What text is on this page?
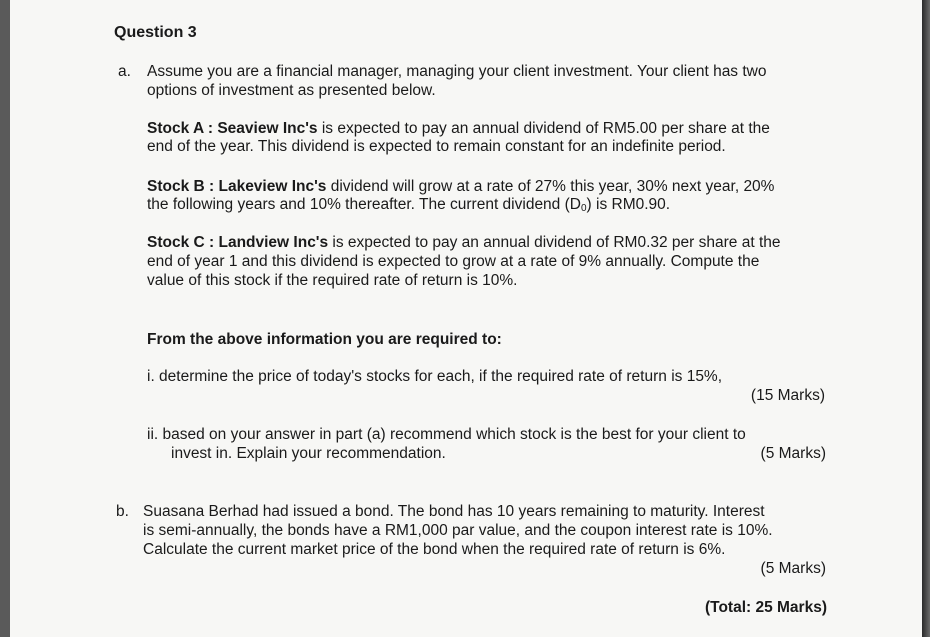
Question 3
a. Assume you are a financial manager, managing your client investment. Your client has two
options of investment as presented below.
Stock A : Seaview Inc's is expected to pay an annual dividend of RM5.00 per share at the
end of the year. This dividend is expected to remain constant for an indefinite period.
Stock B : Lakeview Inc's dividend will grow at a rate of 27% this year, 30% next year, 20%
the following years and 10% thereafter. The current dividend $(D_0)$ is RM0.90.
Stock C : Landview Inc's is expected to pay an annual dividend of RM0.32 per share at the
end of year 1 and this dividend is expected to grow at a rate of 9% annually. Compute the
value of this stock if the required rate of return is 10%.
From the above information you are required to:
i. determine the price of today's stocks for each, if the required rate of return is 15%,
(15 Marks)
ii. based on your answer in part (a) recommend which stock is the best for your client to
invest in. Explain your recommendation.	(5 Marks)
b. Suasana Berhad had issued a bond. The bond has 10 years remaining to maturity. Interest
is semi-annually, the bonds have a RM1,000 par value, and the coupon interest rate is 10%.
Calculate the current market price of the bond when the required rate of return is 6%.
(5 Marks)
(Total: 25 Marks)
